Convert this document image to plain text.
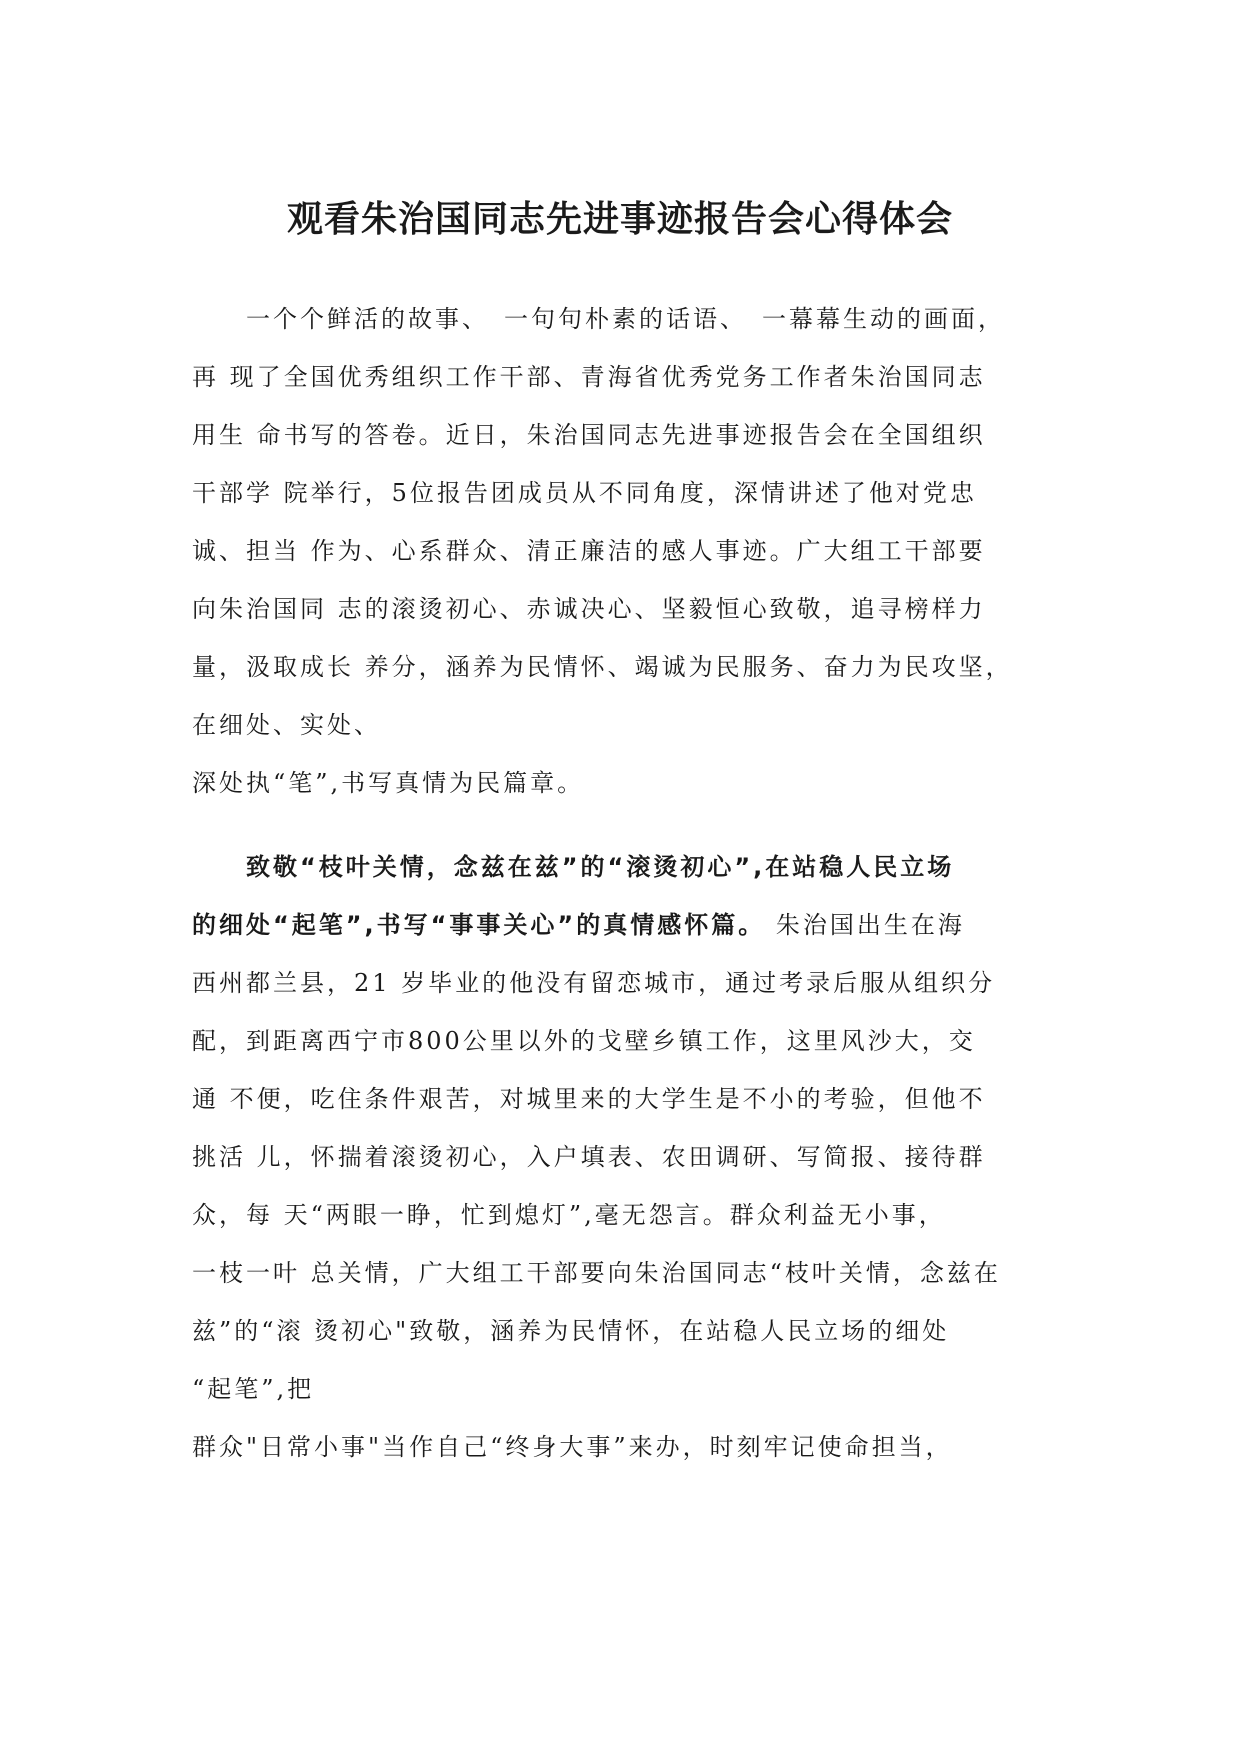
观看朱治国同志先进事迹报告会心得体会
　　一个个鲜活的故事、　一句句朴素的话语、　一幕幕生动的画面，
再 现了全国优秀组织工作干部、青海省优秀党务工作者朱治国同志
用生 命书写的答卷。近日，朱治国同志先进事迹报告会在全国组织
干部学 院举行，5位报告团成员从不同角度，深情讲述了他对党忠
诚、担当 作为、心系群众、清正廉洁的感人事迹。广大组工干部要
向朱治国同 志的滚烫初心、赤诚决心、坚毅恒心致敬，追寻榜样力
量，汲取成长 养分，涵养为民情怀、竭诚为民服务、奋力为民攻坚，
在细处、实处、
深处执“笔”,书写真情为民篇章。
　　致敬“枝叶关情，念兹在兹”的“滚烫初心”,在站稳人民立场
的细处“起笔”,书写“事事关心”的真情感怀篇。 朱治国出生在海
西州都兰县，21 岁毕业的他没有留恋城市，通过考录后服从组织分
配，到距离西宁市800公里以外的戈壁乡镇工作，这里风沙大，交
通 不便，吃住条件艰苦，对城里来的大学生是不小的考验，但他不
挑活 儿，怀揣着滚烫初心，入户填表、农田调研、写简报、接待群
众，每 天“两眼一睁，忙到熄灯”,毫无怨言。群众利益无小事，
一枝一叶 总关情，广大组工干部要向朱治国同志“枝叶关情，念兹在
兹”的“滚 烫初心"致敬，涵养为民情怀，在站稳人民立场的细处
“起笔”,把
群众"日常小事"当作自己“终身大事”来办，时刻牢记使命担当，
